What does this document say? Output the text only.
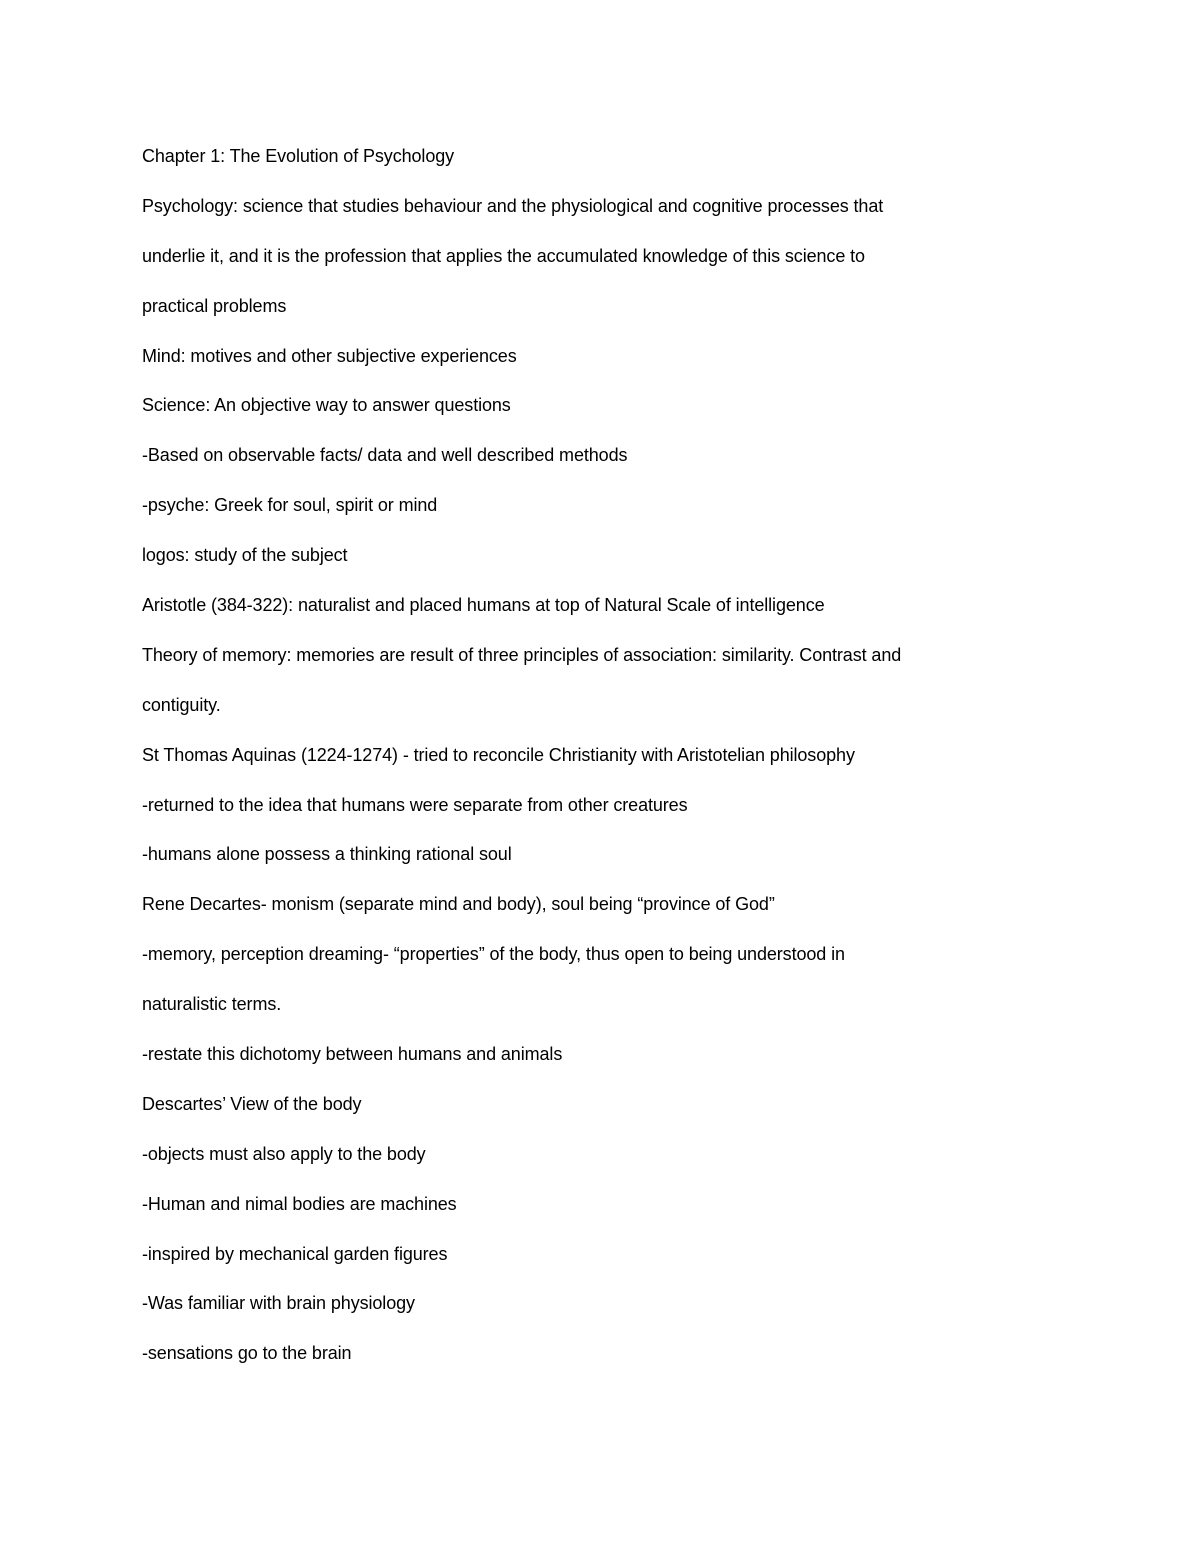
Chapter 1: The Evolution of Psychology
Psychology: science that studies behaviour and the physiological and cognitive processes that
underlie it, and it is the profession that applies the accumulated knowledge of this science to
practical problems
Mind: motives and other subjective experiences
Science: An objective way to answer questions
-Based on observable facts/ data and well described methods
-psyche: Greek for soul, spirit or mind
logos: study of the subject
Aristotle (384-322): naturalist and placed humans at top of Natural Scale of intelligence
Theory of memory: memories are result of three principles of association: similarity. Contrast and
contiguity.
St Thomas Aquinas (1224-1274) - tried to reconcile Christianity with Aristotelian philosophy
-returned to the idea that humans were separate from other creatures
-humans alone possess a thinking rational soul
Rene Decartes- monism (separate mind and body), soul being “province of God”
-memory, perception dreaming- “properties” of the body, thus open to being understood in
naturalistic terms.
-restate this dichotomy between humans and animals
Descartes’ View of the body
-objects must also apply to the body
-Human and nimal bodies are machines
-inspired by mechanical garden figures
-Was familiar with brain physiology
-sensations go to the brain
